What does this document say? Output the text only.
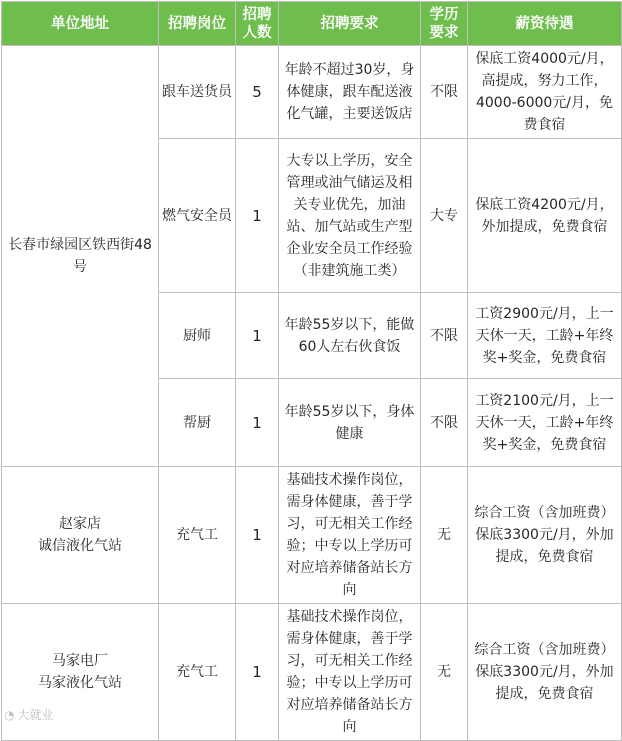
单位地址	招聘岗位	招聘人数	招聘要求	学历要求	薪资待遇
长春市绿园区铁西街48号	跟车送货员	5	年龄不超过30岁，身体健康，跟车配送液化气罐，主要送饭店	不限	保底工资4000元/月，高提成，努力工作，4000-6000元/月，免费食宿
	燃气安全员	1	大专以上学历，安全管理或油气储运及相关专业优先，加油站、加气站或生产型企业安全员工作经验（非建筑施工类）	大专	保底工资4200元/月，外加提成，免费食宿
	厨师	1	年龄55岁以下，能做60人左右伙食饭	不限	工资2900元/月，上一天休一天，工龄+年终奖+奖金，免费食宿
	帮厨	1	年龄55岁以下，身体健康	不限	工资2100元/月，上一天休一天，工龄+年终奖+奖金，免费食宿

赵家店
诚信液化气站	充气工	1	基础技术操作岗位，需身体健康，善于学习，可无相关工作经验；中专以上学历可对应培养储备站长方向	无	综合工资（含加班费）保底3300元/月，外加提成，免费食宿

马家电厂
马家液化气站	充气工	1	基础技术操作岗位，需身体健康，善于学习，可无相关工作经验；中专以上学历可对应培养储备站长方向	无	综合工资（含加班费）保底3300元/月，外加提成，免费食宿
◔ 大就业
